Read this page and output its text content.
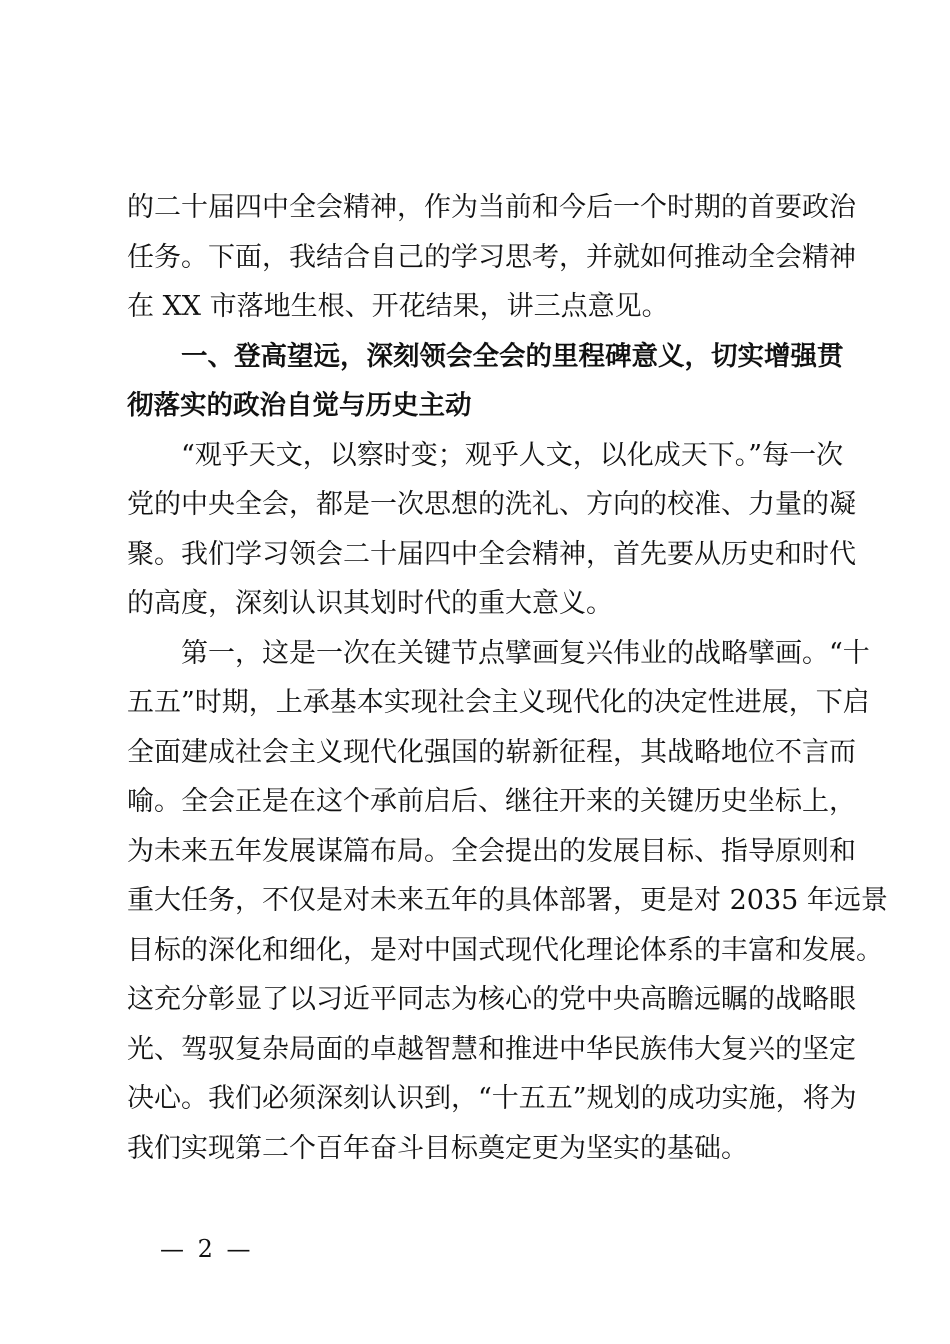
的二十届四中全会精神，作为当前和今后一个时期的首要政治
任务。下面，我结合自己的学习思考，并就如何推动全会精神
在 XX 市落地生根、开花结果，讲三点意见。

一、登高望远，深刻领会全会的里程碑意义，切实增强贯
彻落实的政治自觉与历史主动

“观乎天文，以察时变；观乎人文，以化成天下。”每一次
党的中央全会，都是一次思想的洗礼、方向的校准、力量的凝
聚。我们学习领会二十届四中全会精神，首先要从历史和时代
的高度，深刻认识其划时代的重大意义。

第一，这是一次在关键节点擘画复兴伟业的战略擘画。“十
五五”时期，上承基本实现社会主义现代化的决定性进展，下启
全面建成社会主义现代化强国的崭新征程，其战略地位不言而
喻。全会正是在这个承前启后、继往开来的关键历史坐标上，
为未来五年发展谋篇布局。全会提出的发展目标、指导原则和
重大任务，不仅是对未来五年的具体部署，更是对 2035 年远景
目标的深化和细化，是对中国式现代化理论体系的丰富和发展。
这充分彰显了以习近平同志为核心的党中央高瞻远瞩的战略眼
光、驾驭复杂局面的卓越智慧和推进中华民族伟大复兴的坚定
决心。我们必须深刻认识到，“十五五”规划的成功实施，将为
我们实现第二个百年奋斗目标奠定更为坚实的基础。

— 2 —
